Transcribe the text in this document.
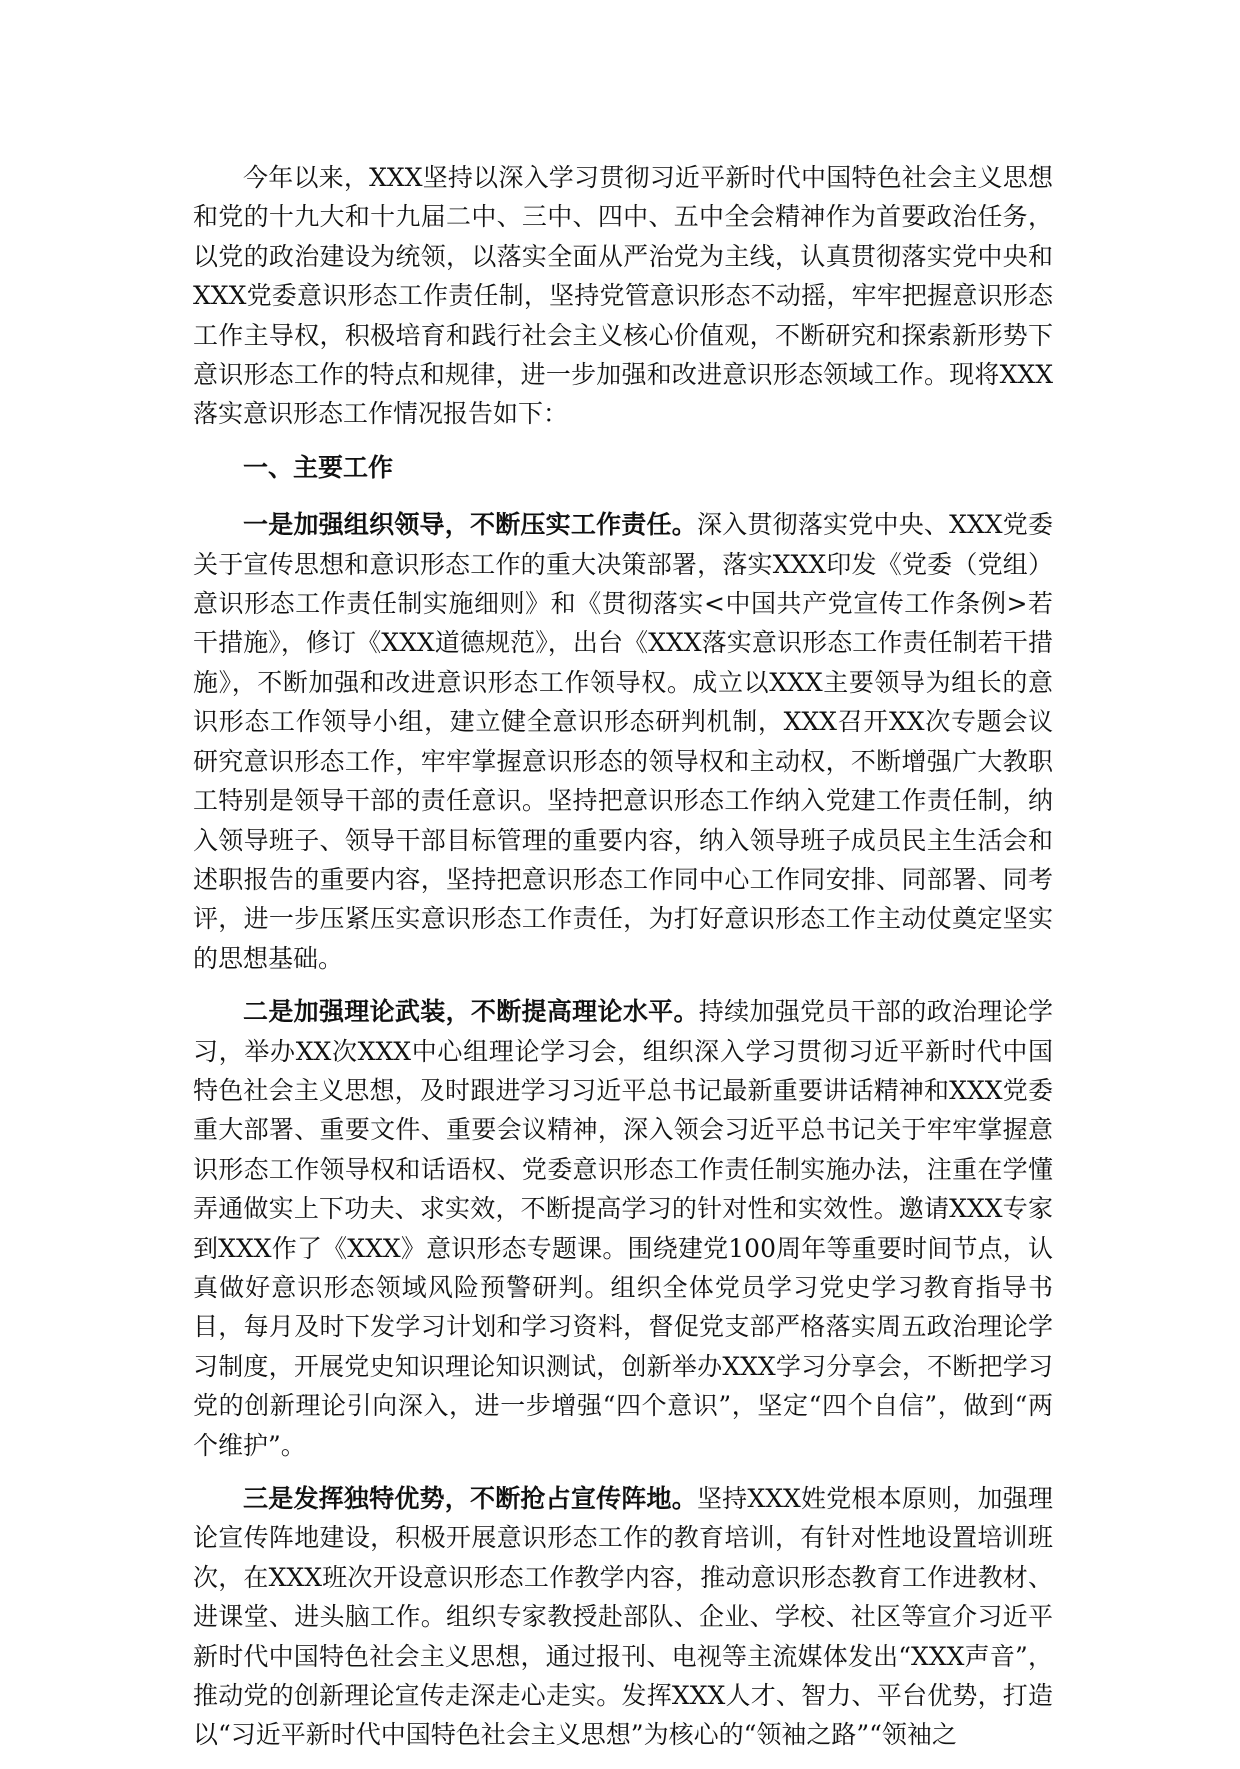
今年以来，XXX坚持以深入学习贯彻习近平新时代中国特色社会主义思想和党的十九大和十九届二中、三中、四中、五中全会精神作为首要政治任务，以党的政治建设为统领，以落实全面从严治党为主线，认真贯彻落实党中央和XXX党委意识形态工作责任制，坚持党管意识形态不动摇，牢牢把握意识形态工作主导权，积极培育和践行社会主义核心价值观，不断研究和探索新形势下意识形态工作的特点和规律，进一步加强和改进意识形态领域工作。现将XXX落实意识形态工作情况报告如下：

一、主要工作

一是加强组织领导，不断压实工作责任。深入贯彻落实党中央、XXX党委关于宣传思想和意识形态工作的重大决策部署，落实XXX印发《党委（党组）意识形态工作责任制实施细则》和《贯彻落实<中国共产党宣传工作条例>若干措施》，修订《XXX道德规范》，出台《XXX落实意识形态工作责任制若干措施》，不断加强和改进意识形态工作领导权。成立以XXX主要领导为组长的意识形态工作领导小组，建立健全意识形态研判机制，XXX召开XX次专题会议研究意识形态工作，牢牢掌握意识形态的领导权和主动权，不断增强广大教职工特别是领导干部的责任意识。坚持把意识形态工作纳入党建工作责任制，纳入领导班子、领导干部目标管理的重要内容，纳入领导班子成员民主生活会和述职报告的重要内容，坚持把意识形态工作同中心工作同安排、同部署、同考评，进一步压紧压实意识形态工作责任，为打好意识形态工作主动仗奠定坚实的思想基础。

二是加强理论武装，不断提高理论水平。持续加强党员干部的政治理论学习，举办XX次XXX中心组理论学习会，组织深入学习贯彻习近平新时代中国特色社会主义思想，及时跟进学习习近平总书记最新重要讲话精神和XXX党委重大部署、重要文件、重要会议精神，深入领会习近平总书记关于牢牢掌握意识形态工作领导权和话语权、党委意识形态工作责任制实施办法，注重在学懂弄通做实上下功夫、求实效，不断提高学习的针对性和实效性。邀请XXX专家到XXX作了《XXX》意识形态专题课。围绕建党100周年等重要时间节点，认真做好意识形态领域风险预警研判。组织全体党员学习党史学习教育指导书目，每月及时下发学习计划和学习资料，督促党支部严格落实周五政治理论学习制度，开展党史知识理论知识测试，创新举办XXX学习分享会，不断把学习党的创新理论引向深入，进一步增强“四个意识”，坚定“四个自信”，做到“两个维护”。

三是发挥独特优势，不断抢占宣传阵地。坚持XXX姓党根本原则，加强理论宣传阵地建设，积极开展意识形态工作的教育培训，有针对性地设置培训班次，在XXX班次开设意识形态工作教学内容，推动意识形态教育工作进教材、进课堂、进头脑工作。组织专家教授赴部队、企业、学校、社区等宣介习近平新时代中国特色社会主义思想，通过报刊、电视等主流媒体发出“XXX声音”，推动党的创新理论宣传走深走心走实。发挥XXX人才、智力、平台优势，打造以“习近平新时代中国特色社会主义思想”为核心的“领袖之路”“领袖之
